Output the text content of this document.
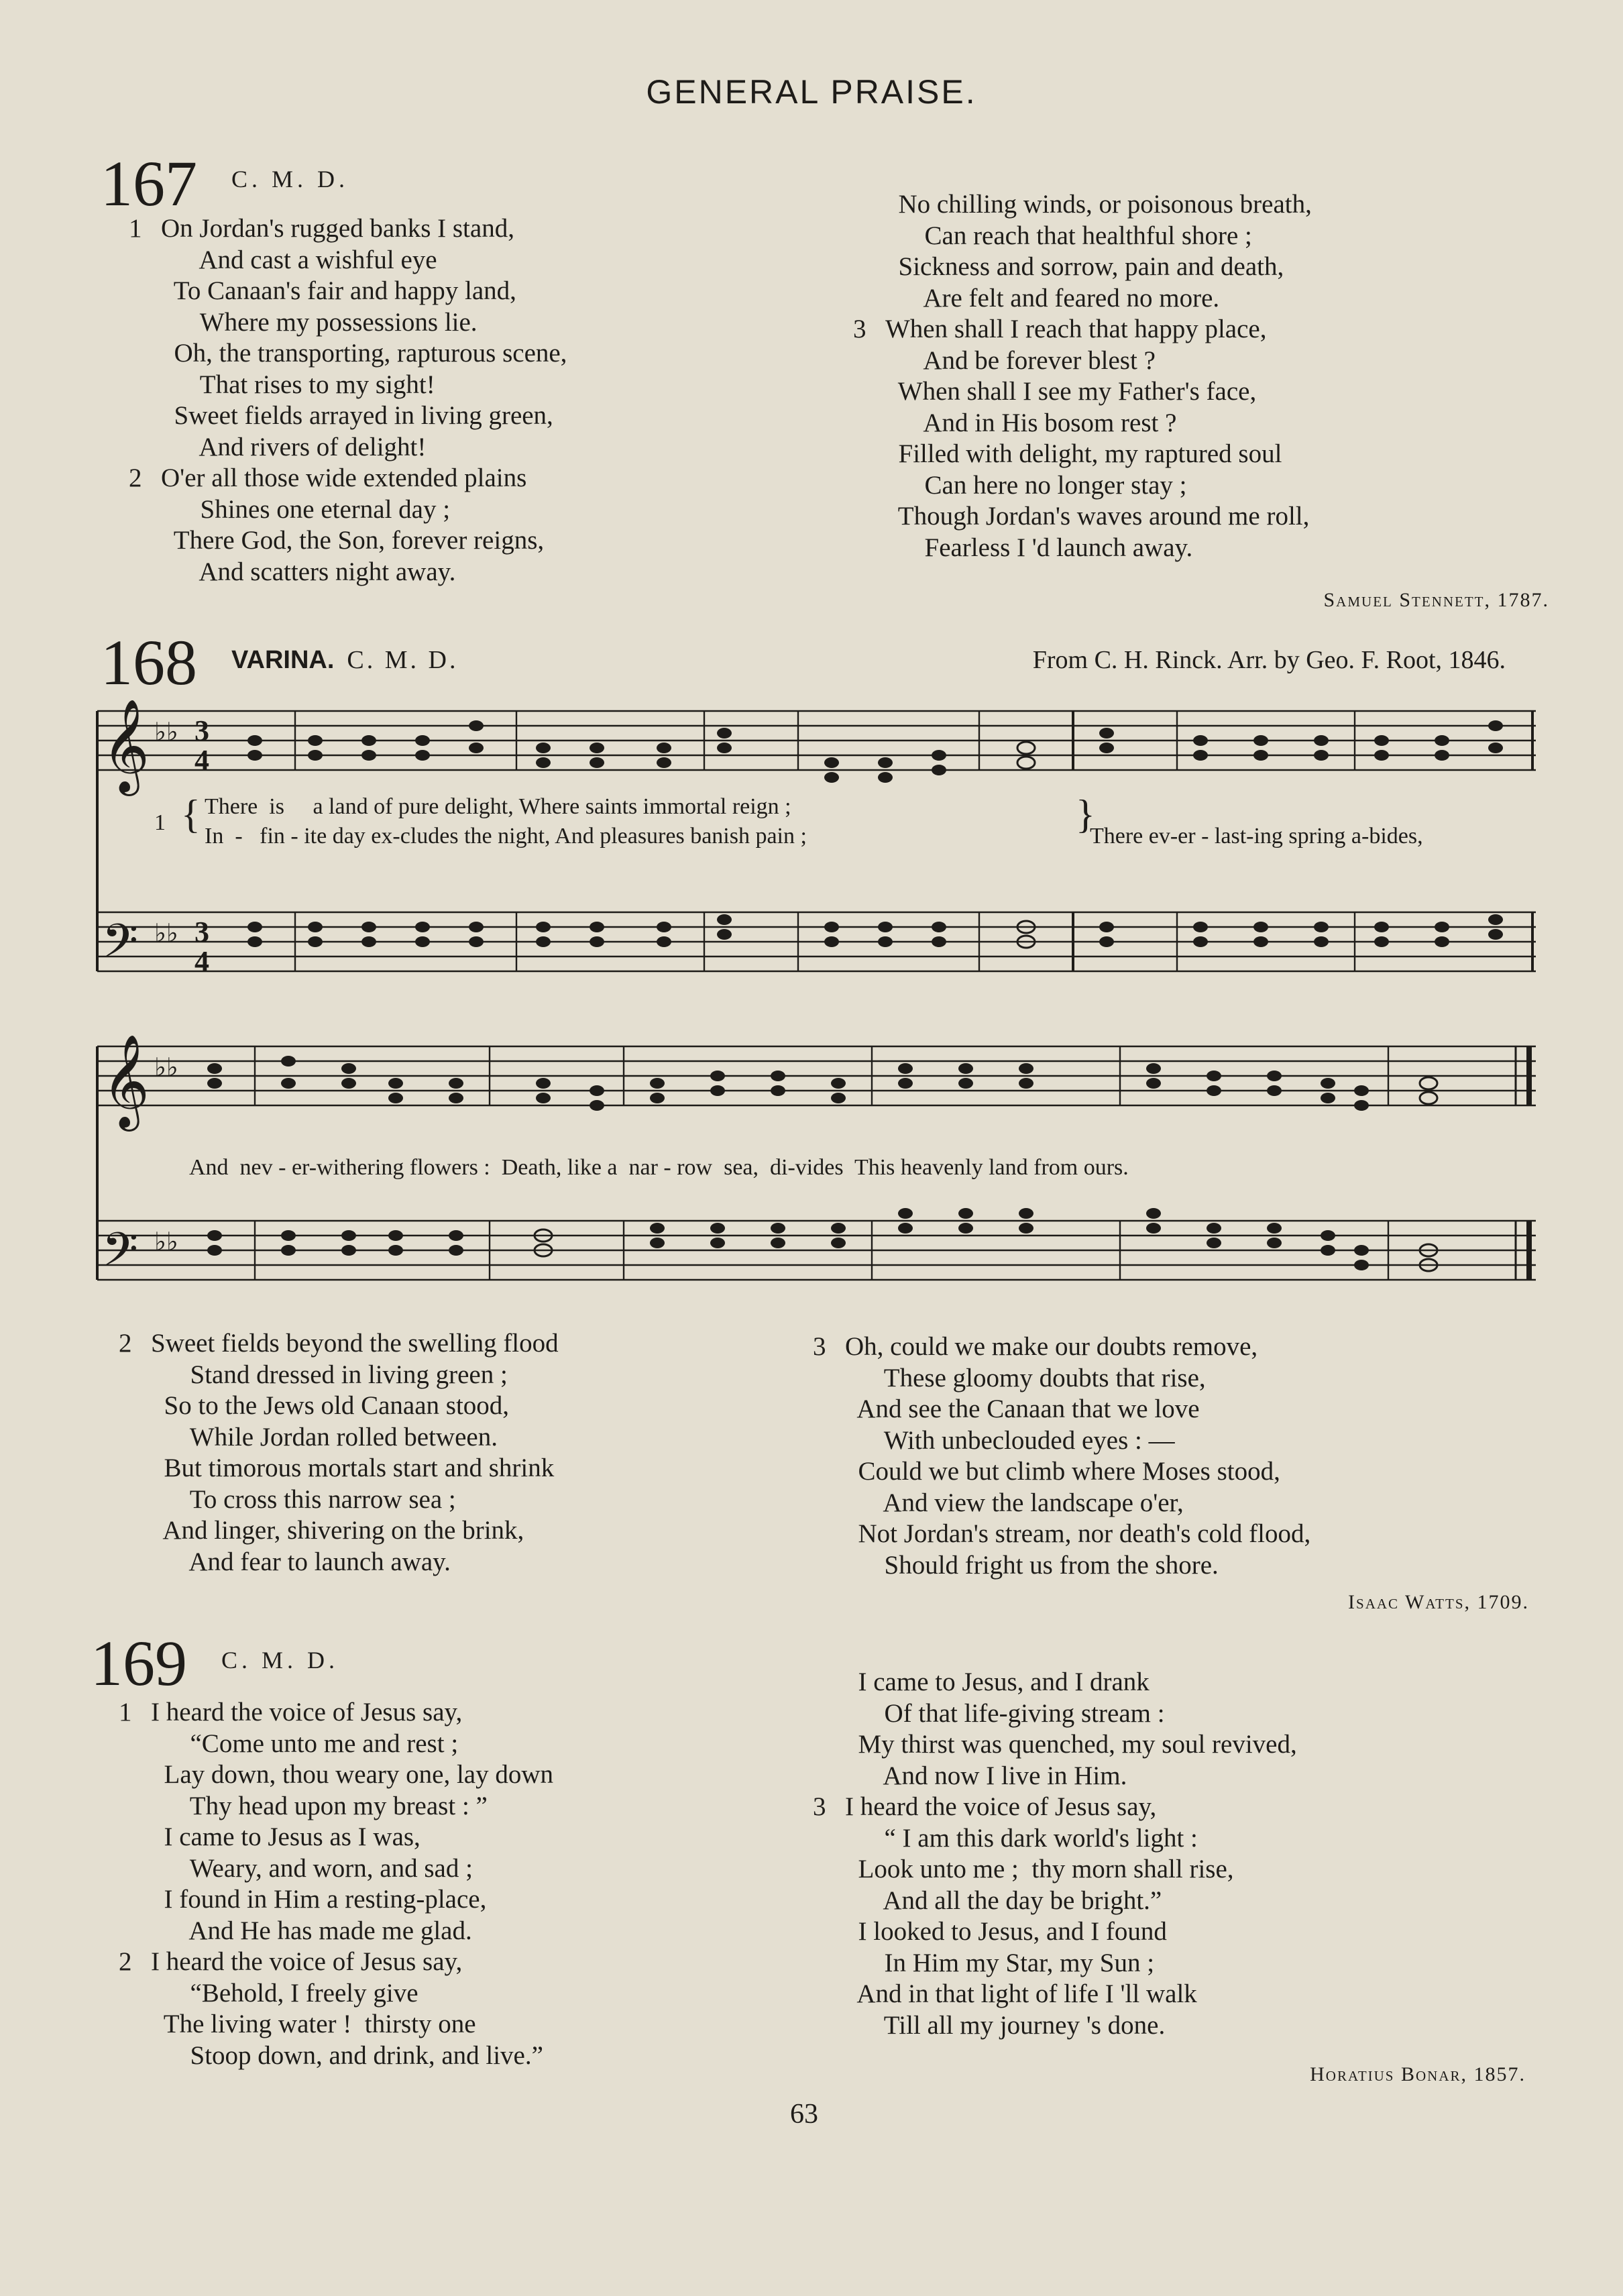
GENERAL PRAISE.
167 C. M. D.
1 On Jordan's rugged banks I stand,
And cast a wishful eye
To Canaan's fair and happy land,
Where my possessions lie.
Oh, the transporting, rapturous scene,
That rises to my sight!
Sweet fields arrayed in living green,
And rivers of delight!
2 O'er all those wide extended plains
Shines one eternal day ;
There God, the Son, forever reigns,
And scatters night away.
No chilling winds, or poisonous breath,
Can reach that healthful shore ;
Sickness and sorrow, pain and death,
Are felt and feared no more.
3 When shall I reach that happy place,
And be forever blest ?
When shall I see my Father's face,
And in His bosom rest ?
Filled with delight, my raptured soul
Can here no longer stay ;
Though Jordan's waves around me roll,
Fearless I 'd launch away.
Samuel Stennett, 1787.
168 VARINA. C. M. D.	From C. H. Rinck. Arr. by Geo. F. Root, 1846.
𝄞
𝄢
♭♭
♭♭
3
4
3
4
1 { There  is     a land of pure delight, Where saints immortal reign ;
In  -   fin - ite day ex-cludes the night, And pleasures banish pain ;	}
There ev-er - last-ing spring a-bides,
𝄞
𝄢
♭♭
♭♭
And  nev - er-withering flowers :  Death, like a  nar - row  sea,  di-vides  This heavenly land from ours.
2 Sweet fields beyond the swelling flood
Stand dressed in living green ;
So to the Jews old Canaan stood,
While Jordan rolled between.
But timorous mortals start and shrink
To cross this narrow sea ;
And linger, shivering on the brink,
And fear to launch away.
3 Oh, could we make our doubts remove,
These gloomy doubts that rise,
And see the Canaan that we love
With unbeclouded eyes : —
Could we but climb where Moses stood,
And view the landscape o'er,
Not Jordan's stream, nor death's cold flood,
Should fright us from the shore.
Isaac Watts, 1709.
169 C. M. D.
1 I heard the voice of Jesus say,
“Come unto me and rest ;
Lay down, thou weary one, lay down
Thy head upon my breast : ”
I came to Jesus as I was,
Weary, and worn, and sad ;
I found in Him a resting-place,
And He has made me glad.
2 I heard the voice of Jesus say,
“Behold, I freely give
The living water !  thirsty one
Stoop down, and drink, and live.”
I came to Jesus, and I drank
Of that life-giving stream :
My thirst was quenched, my soul revived,
And now I live in Him.
3 I heard the voice of Jesus say,
“ I am this dark world's light :
Look unto me ;  thy morn shall rise,
And all the day be bright.”
I looked to Jesus, and I found
In Him my Star, my Sun ;
And in that light of life I 'll walk
Till all my journey 's done.
Horatius Bonar, 1857.
63
